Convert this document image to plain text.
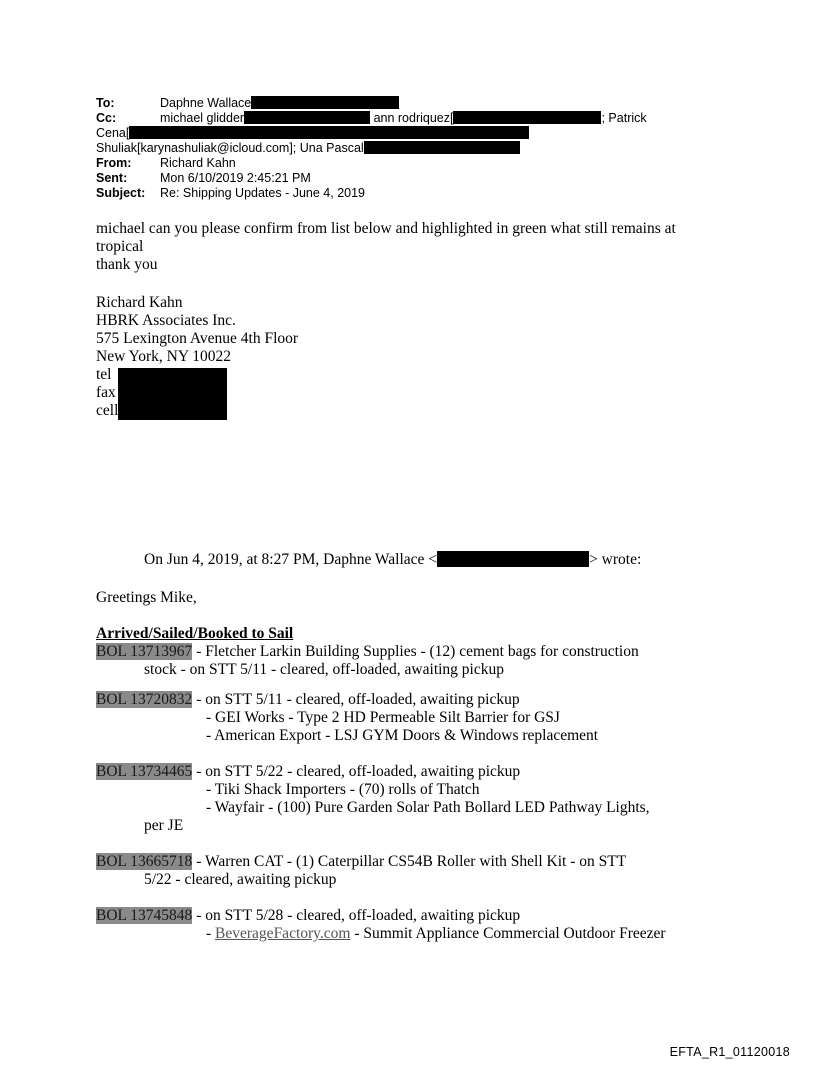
To:	Daphne Wallace
Cc:	michael glidder	ann rodriquez[	; Patrick
Cena[
Shuliak[karynashuliak@icloud.com]; Una Pascal
From: Richard Kahn
Sent:	Mon 6/10/2019 2:45:21 PM
Subject: Re: Shipping Updates - June 4, 2019
michael can you please confirm from list below and highlighted in green what still remains at tropical
thank you
Richard Kahn
HBRK Associates Inc.
575 Lexington Avenue 4th Floor
New York, NY 10022
tel
fax
cell
On Jun 4, 2019, at 8:27 PM, Daphne Wallace <	> wrote:
Greetings Mike,
Arrived/Sailed/Booked to Sail
BOL 13713967 - Fletcher Larkin Building Supplies - (12) cement bags for construction
stock - on STT 5/11 - cleared, off-loaded, awaiting pickup
BOL 13720832 - on STT 5/11 - cleared, off-loaded, awaiting pickup
- GEI Works - Type 2 HD Permeable Silt Barrier for GSJ
- American Export - LSJ GYM Doors & Windows replacement
BOL 13734465 - on STT 5/22 - cleared, off-loaded, awaiting pickup
- Tiki Shack Importers - (70) rolls of Thatch
- Wayfair - (100) Pure Garden Solar Path Bollard LED Pathway Lights,
per JE
BOL 13665718 - Warren CAT - (1) Caterpillar CS54B Roller with Shell Kit - on STT
5/22 - cleared, awaiting pickup
BOL 13745848 - on STT 5/28 - cleared, off-loaded, awaiting pickup
- BeverageFactory.com - Summit Appliance Commercial Outdoor Freezer
EFTA_R1_01120018
